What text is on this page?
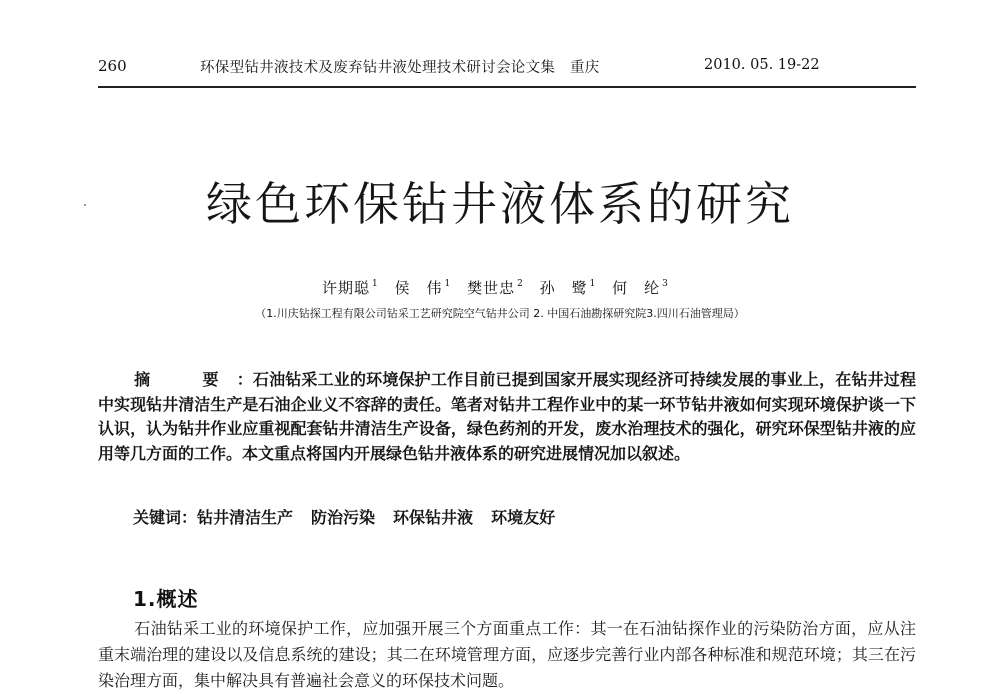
260	环保型钻井液技术及废弃钻井液处理技术研讨会论文集　重庆	2010. 05. 19-22
绿色环保钻井液体系的研究
许期聪 $^1$ 侯　伟 $^1$ 樊世忠 $^2$ 孙　鹭 $^1$ 何　纶 $^3$
（1.川庆钻探工程有限公司钻采工艺研究院空气钻井公司 2. 中国石油勘探研究院3.四川石油管理局）
摘　要：石油钻采工业的环境保护工作目前已提到国家开展实现经济可持续发展的事业上，在钻井过程中实现钻井清洁生产是石油企业义不容辞的责任。笔者对钻井工程作业中的某一环节钻井液如何实现环境保护谈一下认识，认为钻井作业应重视配套钻井清洁生产设备，绿色药剂的开发，废水治理技术的强化，研究环保型钻井液的应用等几方面的工作。本文重点将国内开展绿色钻井液体系的研究进展情况加以叙述。
关键词：钻井清洁生产 防治污染 环保钻井液 环境友好
1.概述
石油钻采工业的环境保护工作，应加强开展三个方面重点工作：其一在石油钻探作业的污染防治方面，应从注重末端治理的建设以及信息系统的建设；其二在环境管理方面，应逐步完善行业内部各种标准和规范环境；其三在污染治理方面，集中解决具有普遍社会意义的环保技术问题。
